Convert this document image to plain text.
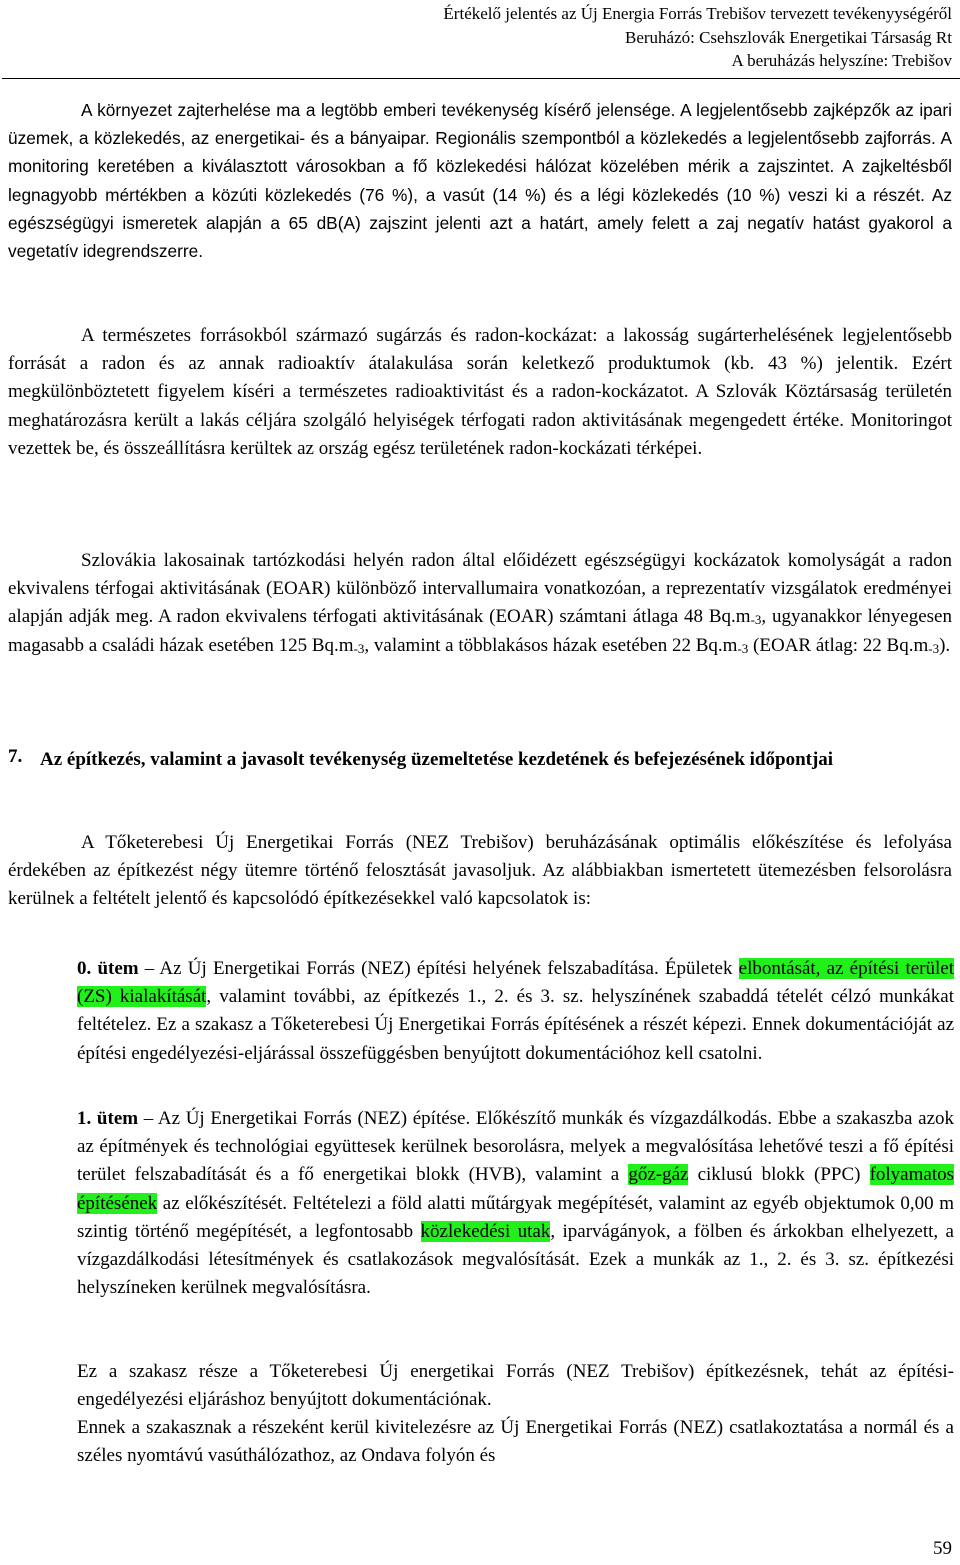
Értékelő jelentés az Új Energia Forrás Trebišov tervezett tevékenyységéről
Beruházó: Csehszlovák Energetikai Társaság Rt
A beruházás helyszíne: Trebišov
A környezet zajterhelése ma a legtöbb emberi tevékenység kísérő jelensége. A legjelentősebb zajképzők az ipari üzemek, a közlekedés, az energetikai- és a bányaipar. Regionális szempontból a közlekedés a legjelentősebb zajforrás. A monitoring keretében a kiválasztott városokban a fő közlekedési hálózat közelében mérik a zajszintet. A zajkeltésből legnagyobb mértékben a közúti közlekedés (76 %), a vasút (14 %) és a légi közlekedés (10 %) veszi ki a részét. Az egészségügyi ismeretek alapján a 65 dB(A) zajszint jelenti azt a határt, amely felett a zaj negatív hatást gyakorol a vegetatív idegrendszerre.
A természetes forrásokból származó sugárzás és radon-kockázat: a lakosság sugárterhelésének legjelentősebb forrását a radon és az annak radioaktív átalakulása során keletkező produktumok (kb. 43 %) jelentik. Ezért megkülönböztetett figyelem kíséri a természetes radioaktivitást és a radon-kockázatot. A Szlovák Köztársaság területén meghatározásra került a lakás céljára szolgáló helyiségek térfogati radon aktivitásának megengedett értéke. Monitoringot vezettek be, és összeállításra kerültek az ország egész területének radon-kockázati térképei.
Szlovákia lakosainak tartózkodási helyén radon által előidézett egészségügyi kockázatok komolyságát a radon ekvivalens térfogai aktivitásának (EOAR) különböző intervallumaira vonatkozóan, a reprezentatív vizsgálatok eredményei alapján adják meg. A radon ekvivalens térfogati aktivitásának (EOAR) számtani átlaga 48 $Bq.m_{-3}$, ugyanakkor lényegesen magasabb a családi házak esetében 125 $Bq.m_{-3}$, valamint a többlakásos házak esetében 22 $Bq.m_{-3}$ (EOAR átlag: 22 $Bq.m_{-3}$).
7. Az építkezés, valamint a javasolt tevékenység üzemeltetése kezdetének és befejezésének időpontjai
A Tőketerebesi Új Energetikai Forrás (NEZ Trebišov) beruházásának optimális előkészítése és lefolyása érdekében az építkezést négy ütemre történő felosztását javasoljuk. Az alábbiakban ismertetett ütemezésben felsorolásra kerülnek a feltételt jelentő és kapcsolódó építkezésekkel való kapcsolatok is:
0. ütem – Az Új Energetikai Forrás (NEZ) építési helyének felszabadítása. Épületek elbontását, az építési terület (ZS) kialakítását, valamint további, az építkezés 1., 2. és 3. sz. helyszínének szabaddá tételét célzó munkákat feltételez. Ez a szakasz a Tőketerebesi Új Energetikai Forrás építésének a részét képezi. Ennek dokumentációját az építési engedélyezési-eljárással összefüggésben benyújtott dokumentációhoz kell csatolni.
1. ütem – Az Új Energetikai Forrás (NEZ) építése. Előkészítő munkák és vízgazdálkodás. Ebbe a szakaszba azok az építmények és technológiai együttesek kerülnek besorolásra, melyek a megvalósítása lehetővé teszi a fő építési terület felszabadítását és a fő energetikai blokk (HVB), valamint a gőz-gáz ciklusú blokk (PPC) folyamatos építésének az előkészítését. Feltételezi a föld alatti műtárgyak megépítését, valamint az egyéb objektumok 0,00 m szintig történő megépítését, a legfontosabb közlekedési utak, iparvágányok, a fölben és árkokban elhelyezett, a vízgazdálkodási létesítmények és csatlakozások megvalósítását. Ezek a munkák az 1., 2. és 3. sz. építkezési helyszíneken kerülnek megvalósításra.
Ez a szakasz része a Tőketerebesi Új energetikai Forrás (NEZ Trebišov) építkezésnek, tehát az építési-engedélyezési eljáráshoz benyújtott dokumentációnak.
Ennek a szakasznak a részeként kerül kivitelezésre az Új Energetikai Forrás (NEZ) csatlakoztatása a normál és a széles nyomtávú vasúthálózathoz, az Ondava folyón és
59
